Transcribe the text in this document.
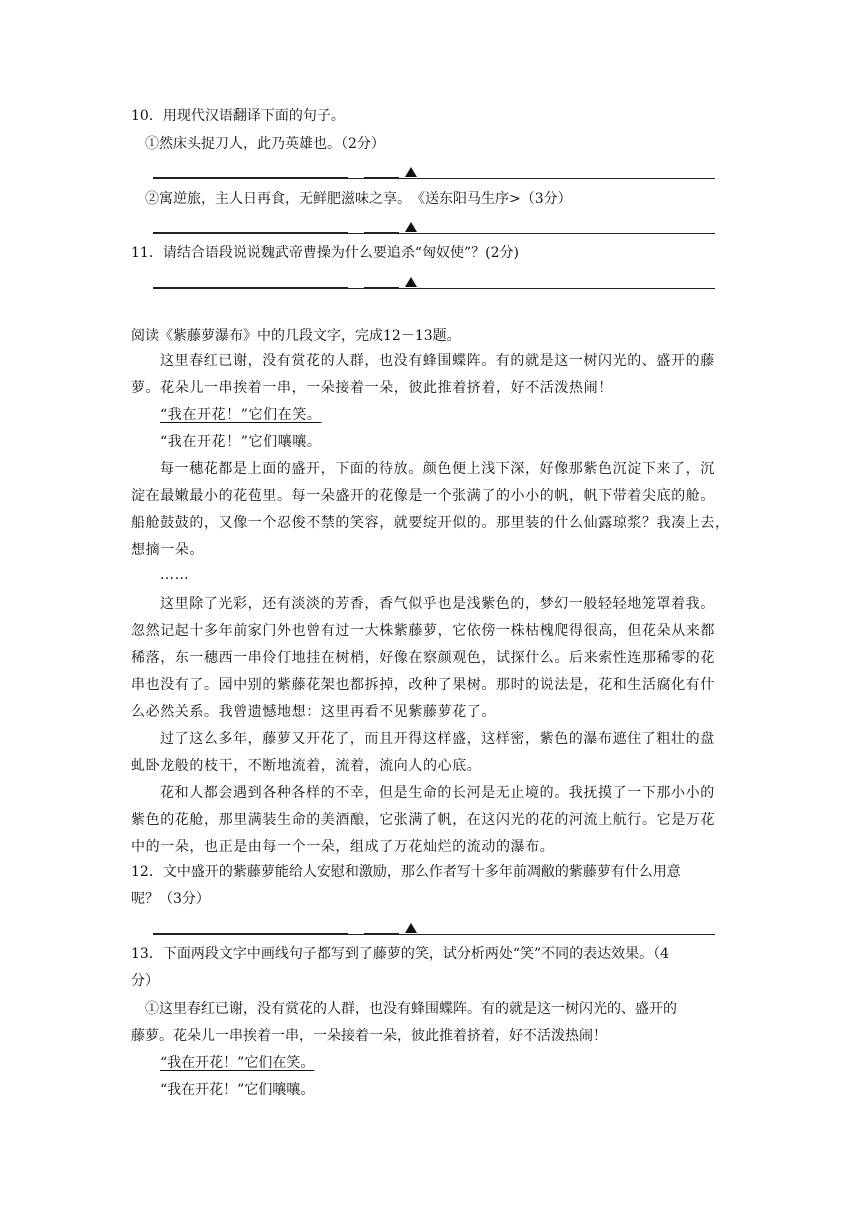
10．用现代汉语翻译下面的句子。
①然床头捉刀人，此乃英雄也。（2分）
②寓逆旅，主人日再食，无鲜肥滋味之享。　《送东阳马生序>（3分）
11．请结合语段说说魏武帝曹操为什么要追杀“匈奴使”？(2分)
阅读《紫藤萝瀑布》中的几段文字，完成12－13题。
这里春红已谢，没有赏花的人群，也没有蜂围蝶阵。有的就是这一树闪光的、盛开的藤
萝。花朵儿一串挨着一串，一朵接着一朵，彼此推着挤着，好不活泼热闹！
“我在开花！”它们在笑。
“我在开花！”它们嚷嚷。
每一穗花都是上面的盛开，下面的待放。颜色便上浅下深，好像那紫色沉淀下来了，沉
淀在最嫩最小的花苞里。每一朵盛开的花像是一个张满了的小小的帆，帆下带着尖底的舱。
船舱鼓鼓的，又像一个忍俊不禁的笑容，就要绽开似的。那里装的什么仙露琼浆？我凑上去，
想摘一朵。
……
这里除了光彩，还有淡淡的芳香，香气似乎也是浅紫色的，梦幻一般轻轻地笼罩着我。
忽然记起十多年前家门外也曾有过一大株紫藤萝，它依傍一株枯槐爬得很高，但花朵从来都
稀落，东一穗西一串伶仃地挂在树梢，好像在察颜观色，试探什么。后来索性连那稀零的花
串也没有了。园中别的紫藤花架也都拆掉，改种了果树。那时的说法是，花和生活腐化有什
么必然关系。我曾遗憾地想：这里再看不见紫藤萝花了。
过了这么多年，藤萝又开花了，而且开得这样盛，这样密，紫色的瀑布遮住了粗壮的盘
虬卧龙般的枝干，不断地流着，流着，流向人的心底。
花和人都会遇到各种各样的不幸，但是生命的长河是无止境的。我抚摸了一下那小小的
紫色的花舱，那里满装生命的美酒酿，它张满了帆，在这闪光的花的河流上航行。它是万花
中的一朵，也正是由每一个一朵，组成了万花灿烂的流动的瀑布。
12．文中盛开的紫藤萝能给人安慰和激励，那么作者写十多年前凋敝的紫藤萝有什么用意
呢？（3分）
13．下面两段文字中画线句子都写到了藤萝的笑，试分析两处“笑”不同的表达效果。（4
分）
①这里春红已谢，没有赏花的人群，也没有蜂围蝶阵。有的就是这一树闪光的、盛开的
藤萝。花朵儿一串挨着一串，一朵接着一朵，彼此推着挤着，好不活泼热闹！
“我在开花！”它们在笑。
“我在开花！”它们嚷嚷。
